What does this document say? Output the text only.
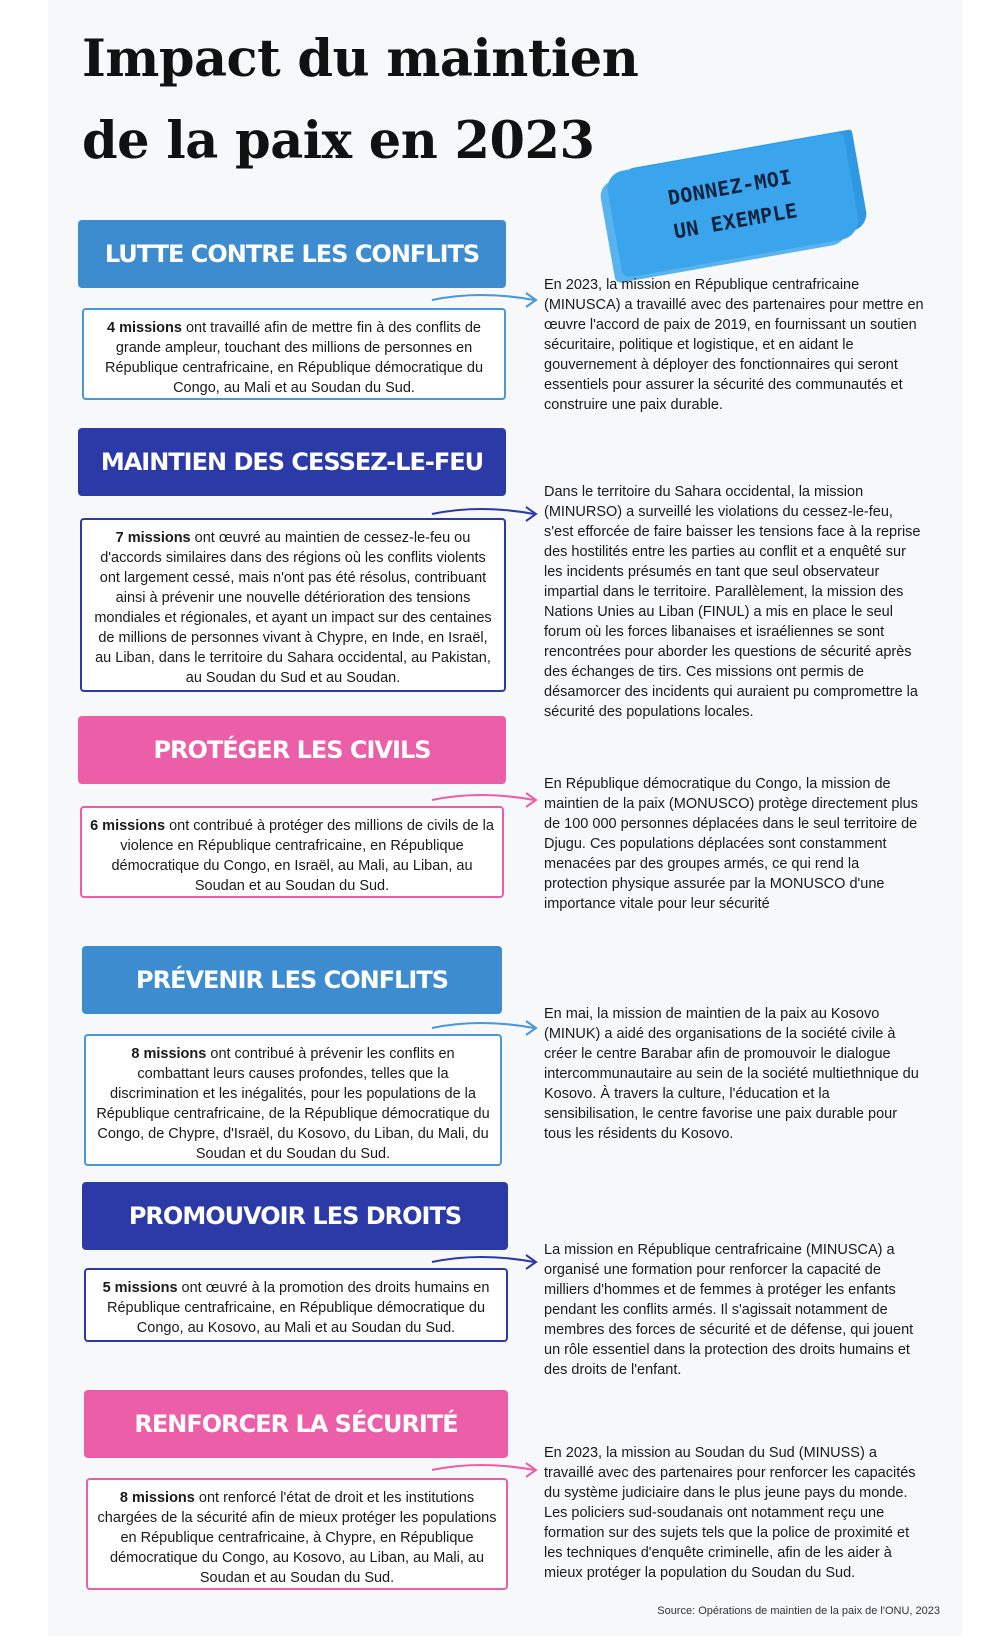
Impact du maintien
de la paix en 2023
DONNEZ-MOI
UN EXEMPLE
LUTTE CONTRE LES CONFLITS
4 missions ont travaillé afin de mettre fin à des conflits de grande ampleur, touchant des millions de personnes en République centrafricaine, en République démocratique du Congo, au Mali et au Soudan du Sud.

En 2023, la mission en République centrafricaine (MINUSCA) a travaillé avec des partenaires pour mettre en œuvre l'accord de paix de 2019, en fournissant un soutien sécuritaire, politique et logistique, et en aidant le gouvernement à déployer des fonctionnaires qui seront essentiels pour assurer la sécurité des communautés et construire une paix durable.

MAINTIEN DES CESSEZ-LE-FEU
7 missions ont œuvré au maintien de cessez-le-feu ou d'accords similaires dans des régions où les conflits violents ont largement cessé, mais n'ont pas été résolus, contribuant ainsi à prévenir une nouvelle détérioration des tensions mondiales et régionales, et ayant un impact sur des centaines de millions de personnes vivant à Chypre, en Inde, en Israël, au Liban, dans le territoire du Sahara occidental, au Pakistan, au Soudan du Sud et au Soudan.

Dans le territoire du Sahara occidental, la mission (MINURSO) a surveillé les violations du cessez-le-feu, s'est efforcée de faire baisser les tensions face à la reprise des hostilités entre les parties au conflit et a enquêté sur les incidents présumés en tant que seul observateur impartial dans le territoire. Parallèlement, la mission des Nations Unies au Liban (FINUL) a mis en place le seul forum où les forces libanaises et israéliennes se sont rencontrées pour aborder les questions de sécurité après des échanges de tirs. Ces missions ont permis de désamorcer des incidents qui auraient pu compromettre la sécurité des populations locales.

PROTÉGER LES CIVILS
6 missions ont contribué à protéger des millions de civils de la violence en République centrafricaine, en République démocratique du Congo, en Israël, au Mali, au Liban, au Soudan et au Soudan du Sud.

En République démocratique du Congo, la mission de maintien de la paix (MONUSCO) protège directement plus de 100 000 personnes déplacées dans le seul territoire de Djugu. Ces populations déplacées sont constamment menacées par des groupes armés, ce qui rend la protection physique assurée par la MONUSCO d'une importance vitale pour leur sécurité

PRÉVENIR LES CONFLITS
8 missions ont contribué à prévenir les conflits en combattant leurs causes profondes, telles que la discrimination et les inégalités, pour les populations de la République centrafricaine, de la République démocratique du Congo, de Chypre, d'Israël, du Kosovo, du Liban, du Mali, du Soudan et du Soudan du Sud.

En mai, la mission de maintien de la paix au Kosovo (MINUK) a aidé des organisations de la société civile à créer le centre Barabar afin de promouvoir le dialogue intercommunautaire au sein de la société multiethnique du Kosovo. À travers la culture, l'éducation et la sensibilisation, le centre favorise une paix durable pour tous les résidents du Kosovo.

PROMOUVOIR LES DROITS
5 missions ont œuvré à la promotion des droits humains en République centrafricaine, en République démocratique du Congo, au Kosovo, au Mali et au Soudan du Sud.

La mission en République centrafricaine (MINUSCA) a organisé une formation pour renforcer la capacité de milliers d'hommes et de femmes à protéger les enfants pendant les conflits armés. Il s'agissait notamment de membres des forces de sécurité et de défense, qui jouent un rôle essentiel dans la protection des droits humains et des droits de l'enfant.

RENFORCER LA SÉCURITÉ
8 missions ont renforcé l'état de droit et les institutions chargées de la sécurité afin de mieux protéger les populations en République centrafricaine, à Chypre, en République démocratique du Congo, au Kosovo, au Liban, au Mali, au Soudan et au Soudan du Sud.

En 2023, la mission au Soudan du Sud (MINUSS) a travaillé avec des partenaires pour renforcer les capacités du système judiciaire dans le plus jeune pays du monde. Les policiers sud-soudanais ont notamment reçu une formation sur des sujets tels que la police de proximité et les techniques d'enquête criminelle, afin de les aider à mieux protéger la population du Soudan du Sud.

Source: Opérations de maintien de la paix de l'ONU, 2023
